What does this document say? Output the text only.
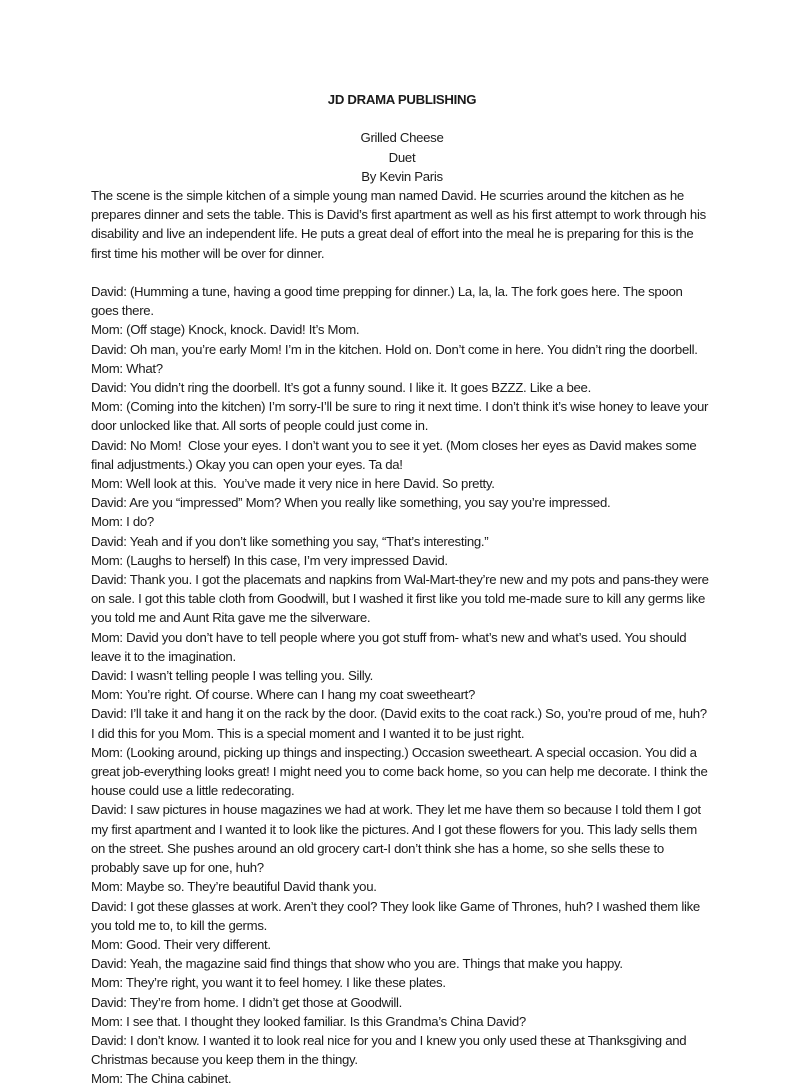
JD DRAMA PUBLISHING

Grilled Cheese

Duet

By Kevin Paris

The scene is the simple kitchen of a simple young man named David. He scurries around the kitchen as he prepares dinner and sets the table. This is David’s first apartment as well as his first attempt to work through his disability and live an independent life. He puts a great deal of effort into the meal he is preparing for this is the first time his mother will be over for dinner.

David: (Humming a tune, having a good time prepping for dinner.) La, la, la. The fork goes here. The spoon goes there.

Mom: (Off stage) Knock, knock. David! It’s Mom.

David: Oh man, you’re early Mom! I’m in the kitchen. Hold on. Don’t come in here. You didn’t ring the doorbell.

Mom: What?

David: You didn’t ring the doorbell. It’s got a funny sound. I like it. It goes BZZZ. Like a bee.

Mom: (Coming into the kitchen) I’m sorry-I’ll be sure to ring it next time. I don’t think it’s wise honey to leave your door unlocked like that. All sorts of people could just come in.

David: No Mom!  Close your eyes. I don’t want you to see it yet. (Mom closes her eyes as David makes some final adjustments.) Okay you can open your eyes. Ta da!

Mom: Well look at this.  You’ve made it very nice in here David. So pretty.

David: Are you “impressed” Mom? When you really like something, you say you’re impressed.

Mom: I do?

David: Yeah and if you don’t like something you say, “That’s interesting.”

Mom: (Laughs to herself) In this case, I’m very impressed David.

David: Thank you. I got the placemats and napkins from Wal-Mart-they’re new and my pots and pans-they were on sale. I got this table cloth from Goodwill, but I washed it first like you told me-made sure to kill any germs like you told me and Aunt Rita gave me the silverware.

Mom: David you don’t have to tell people where you got stuff from- what’s new and what’s used. You should leave it to the imagination.

David: I wasn’t telling people I was telling you. Silly.

Mom: You’re right. Of course. Where can I hang my coat sweetheart?

David: I’ll take it and hang it on the rack by the door. (David exits to the coat rack.) So, you’re proud of me, huh? I did this for you Mom. This is a special moment and I wanted it to be just right.

Mom: (Looking around, picking up things and inspecting.) Occasion sweetheart. A special occasion. You did a great job-everything looks great! I might need you to come back home, so you can help me decorate. I think the house could use a little redecorating.

David: I saw pictures in house magazines we had at work. They let me have them so because I told them I got my first apartment and I wanted it to look like the pictures. And I got these flowers for you. This lady sells them on the street. She pushes around an old grocery cart-I don’t think she has a home, so she sells these to probably save up for one, huh?

Mom: Maybe so. They’re beautiful David thank you.

David: I got these glasses at work. Aren’t they cool? They look like Game of Thrones, huh? I washed them like you told me to, to kill the germs.

Mom: Good. Their very different.

David: Yeah, the magazine said find things that show who you are. Things that make you happy.

Mom: They’re right, you want it to feel homey. I like these plates.

David: They’re from home. I didn’t get those at Goodwill.

Mom: I see that. I thought they looked familiar. Is this Grandma’s China David?

David: I don’t know. I wanted it to look real nice for you and I knew you only used these at Thanksgiving and Christmas because you keep them in the thingy.

Mom: The China cabinet.
